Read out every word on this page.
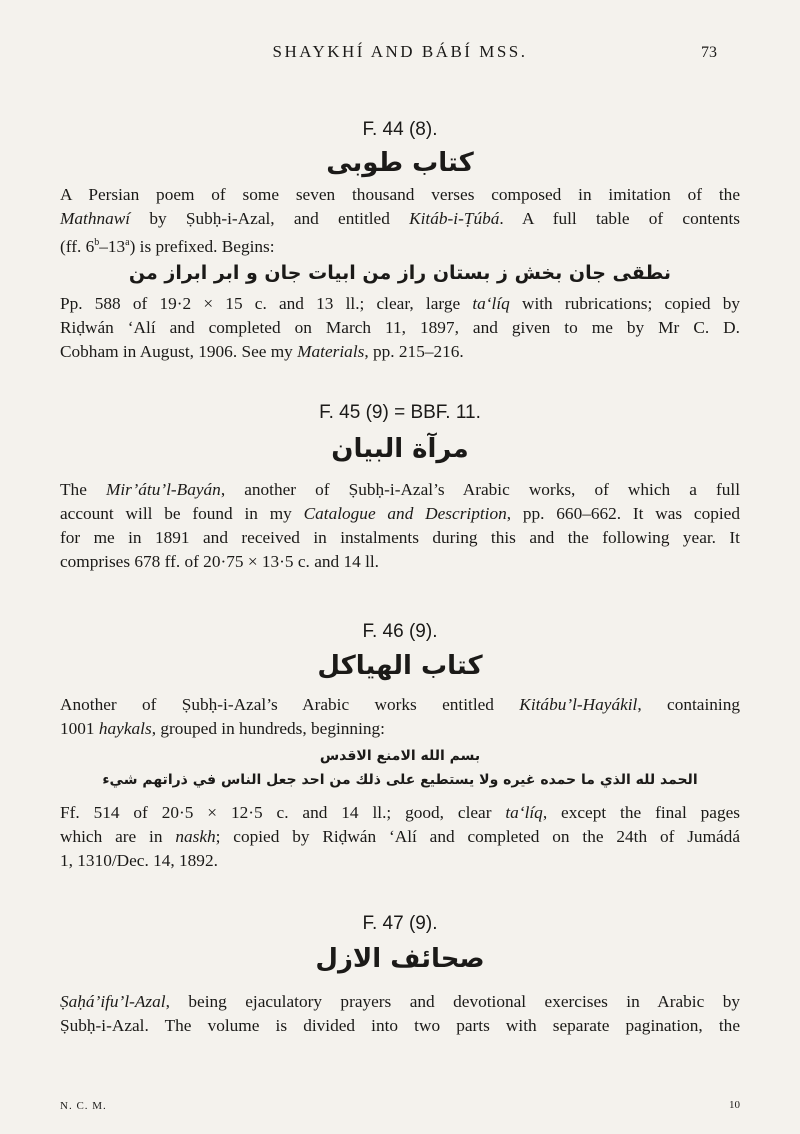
SHAYKHÍ AND BÁBÍ MSS.	73
F. 44 (8).
كتاب طوبى
A Persian poem of some seven thousand verses composed in imitation of the
Mathnawí by Ṣubḥ-i-Azal, and entitled Kitáb-i-Ṭúbá. A full table of contents
(ff. 6$^b$–13$^a$) is prefixed. Begins:
نطقی جان بخش ز بستان راز من ابیات جان و ابر ابراز من
Pp. 588 of 19·2 × 15 c. and 13 ll.; clear, large ta‘líq with rubrications; copied by
Riḍwán ‘Alí and completed on March 11, 1897, and given to me by Mr C. D.
Cobham in August, 1906. See my Materials, pp. 215–216.
F. 45 (9) = BBF. 11.
مرآة البيان
The Mir’átu’l-Bayán, another of Ṣubḥ-i-Azal’s Arabic works, of which a full
account will be found in my Catalogue and Description, pp. 660–662. It was copied
for me in 1891 and received in instalments during this and the following year. It
comprises 678 ff. of 20·75 × 13·5 c. and 14 ll.
F. 46 (9).
كتاب الهياكل
Another of Ṣubḥ-i-Azal’s Arabic works entitled Kitábu’l-Hayákil, containing
1001 haykals, grouped in hundreds, beginning:
بسم الله الامنع الاقدس
الحمد لله الذي ما حمده غيره ولا يستطيع على ذلك من احد جعل الناس في ذراتهم شيء
Ff. 514 of 20·5 × 12·5 c. and 14 ll.; good, clear ta‘líq, except the final pages
which are in naskh; copied by Riḍwán ‘Alí and completed on the 24th of Jumádá
1, 1310/Dec. 14, 1892.
F. 47 (9).
صحائف الازل
Ṣaḥá’ifu’l-Azal, being ejaculatory prayers and devotional exercises in Arabic by
Ṣubḥ-i-Azal. The volume is divided into two parts with separate pagination, the
N. C. M.	10
